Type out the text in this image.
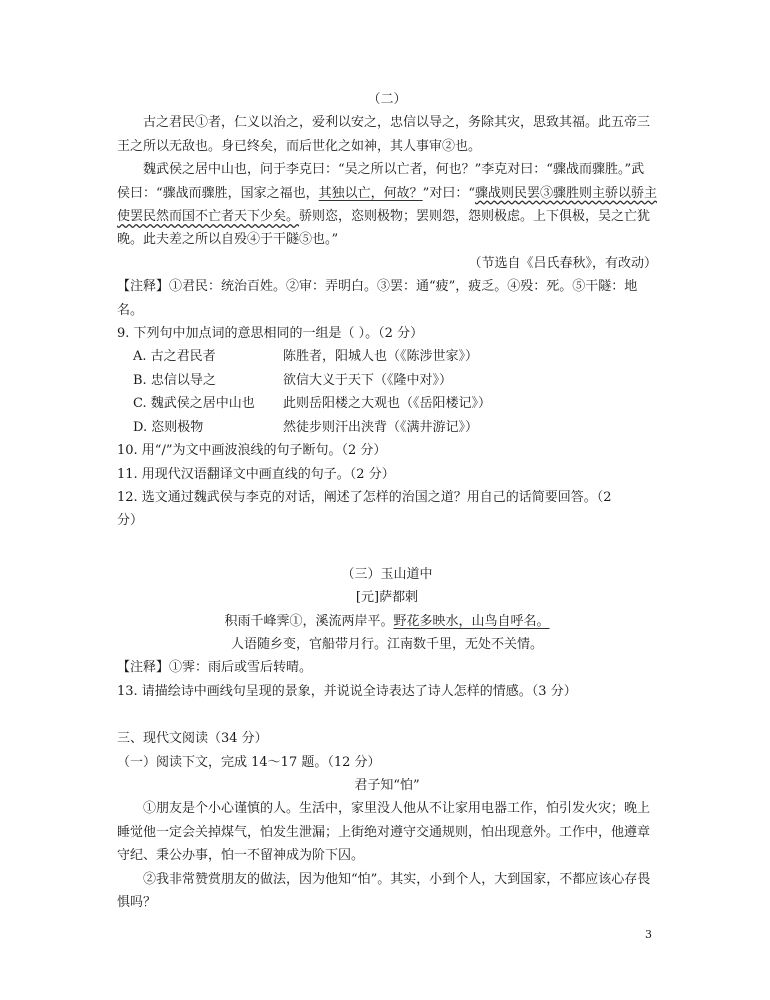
（二）
古之君民①者，仁义以治之，爱利以安之，忠信以导之，务除其灾，思致其福。此五帝三王之所以无敌也。身已终矣，而后世化之如神，其人事审②也。
魏武侯之居中山也，问于李克曰：“吴之所以亡者，何也？”李克对曰：“骤战而骤胜。”武侯曰：“骤战而骤胜，国家之福也，其独以亡，何故？”对曰：“骤战则民罢③骤胜则主骄以骄主使罢民然而国不亡者天下少矣。骄则恣，恣则极物；罢则怨，怨则极虑。上下俱极，吴之亡犹晚。此夫差之所以自殁④于干隧⑤也。”
（节选自《吕氏春秋》，有改动）
【注释】①君民：统治百姓。②审：弄明白。③罢：通“疲”，疲乏。④殁：死。⑤干隧：地名。
9. 下列句中加点词的意思相同的一组是（ ）。（2 分）
A. 古之君民者	陈胜者，阳城人也（《陈涉世家》）
B. 忠信以导之	欲信大义于天下（《隆中对》）
C. 魏武侯之居中山也	此则岳阳楼之大观也（《岳阳楼记》）
D. 恣则极物	然徒步则汗出浃背（《满井游记》）
10. 用“/”为文中画波浪线的句子断句。（2 分）
11. 用现代汉语翻译文中画直线的句子。（2 分）
12. 选文通过魏武侯与李克的对话，阐述了怎样的治国之道？用自己的话简要回答。（2
分）
（三）玉山道中
[元]萨都剌
积雨千峰霁①，溪流两岸平。野花多映水，山鸟自呼名。
人语随乡变，官船带月行。江南数千里，无处不关情。
【注释】①霁：雨后或雪后转晴。
13. 请描绘诗中画线句呈现的景象，并说说全诗表达了诗人怎样的情感。（3 分）
三、现代文阅读（34 分）
（一）阅读下文，完成 14～17 题。（12 分）
君子知“怕”
①朋友是个小心谨慎的人。生活中，家里没人他从不让家用电器工作，怕引发火灾；晚上睡觉他一定会关掉煤气，怕发生泄漏；上街绝对遵守交通规则，怕出现意外。工作中，他遵章守纪、秉公办事，怕一不留神成为阶下囚。
②我非常赞赏朋友的做法，因为他知“怕”。其实，小到个人，大到国家，不都应该心存畏惧吗？
3
